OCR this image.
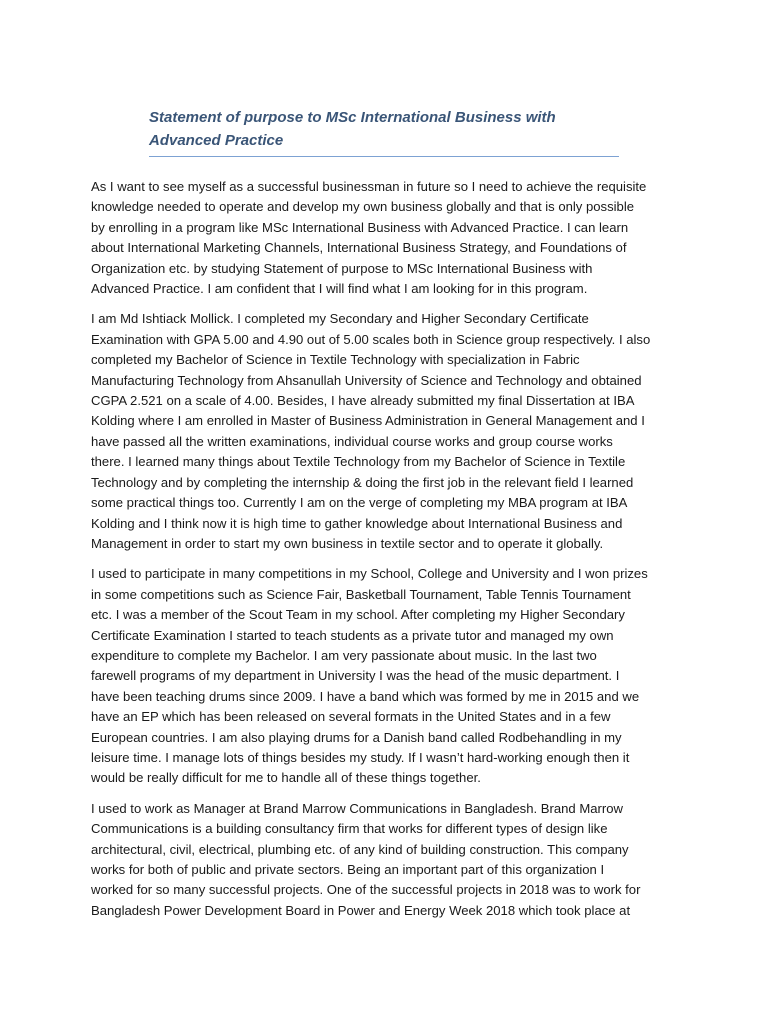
Statement of purpose to MSc International Business with
Advanced Practice
As I want to see myself as a successful businessman in future so I need to achieve the requisite
knowledge needed to operate and develop my own business globally and that is only possible
by enrolling in a program like MSc International Business with Advanced Practice. I can learn
about International Marketing Channels, International Business Strategy, and Foundations of
Organization etc. by studying Statement of purpose to MSc International Business with
Advanced Practice. I am confident that I will find what I am looking for in this program.
I am Md Ishtiack Mollick. I completed my Secondary and Higher Secondary Certificate
Examination with GPA 5.00 and 4.90 out of 5.00 scales both in Science group respectively. I also
completed my Bachelor of Science in Textile Technology with specialization in Fabric
Manufacturing Technology from Ahsanullah University of Science and Technology and obtained
CGPA 2.521 on a scale of 4.00. Besides, I have already submitted my final Dissertation at IBA
Kolding where I am enrolled in Master of Business Administration in General Management and I
have passed all the written examinations, individual course works and group course works
there. I learned many things about Textile Technology from my Bachelor of Science in Textile
Technology and by completing the internship & doing the first job in the relevant field I learned
some practical things too. Currently I am on the verge of completing my MBA program at IBA
Kolding and I think now it is high time to gather knowledge about International Business and
Management in order to start my own business in textile sector and to operate it globally.
I used to participate in many competitions in my School, College and University and I won prizes
in some competitions such as Science Fair, Basketball Tournament, Table Tennis Tournament
etc. I was a member of the Scout Team in my school. After completing my Higher Secondary
Certificate Examination I started to teach students as a private tutor and managed my own
expenditure to complete my Bachelor. I am very passionate about music. In the last two
farewell programs of my department in University I was the head of the music department. I
have been teaching drums since 2009. I have a band which was formed by me in 2015 and we
have an EP which has been released on several formats in the United States and in a few
European countries. I am also playing drums for a Danish band called Rodbehandling in my
leisure time. I manage lots of things besides my study. If I wasn’t hard-working enough then it
would be really difficult for me to handle all of these things together.
I used to work as Manager at Brand Marrow Communications in Bangladesh. Brand Marrow
Communications is a building consultancy firm that works for different types of design like
architectural, civil, electrical, plumbing etc. of any kind of building construction. This company
works for both of public and private sectors. Being an important part of this organization I
worked for so many successful projects. One of the successful projects in 2018 was to work for
Bangladesh Power Development Board in Power and Energy Week 2018 which took place at
